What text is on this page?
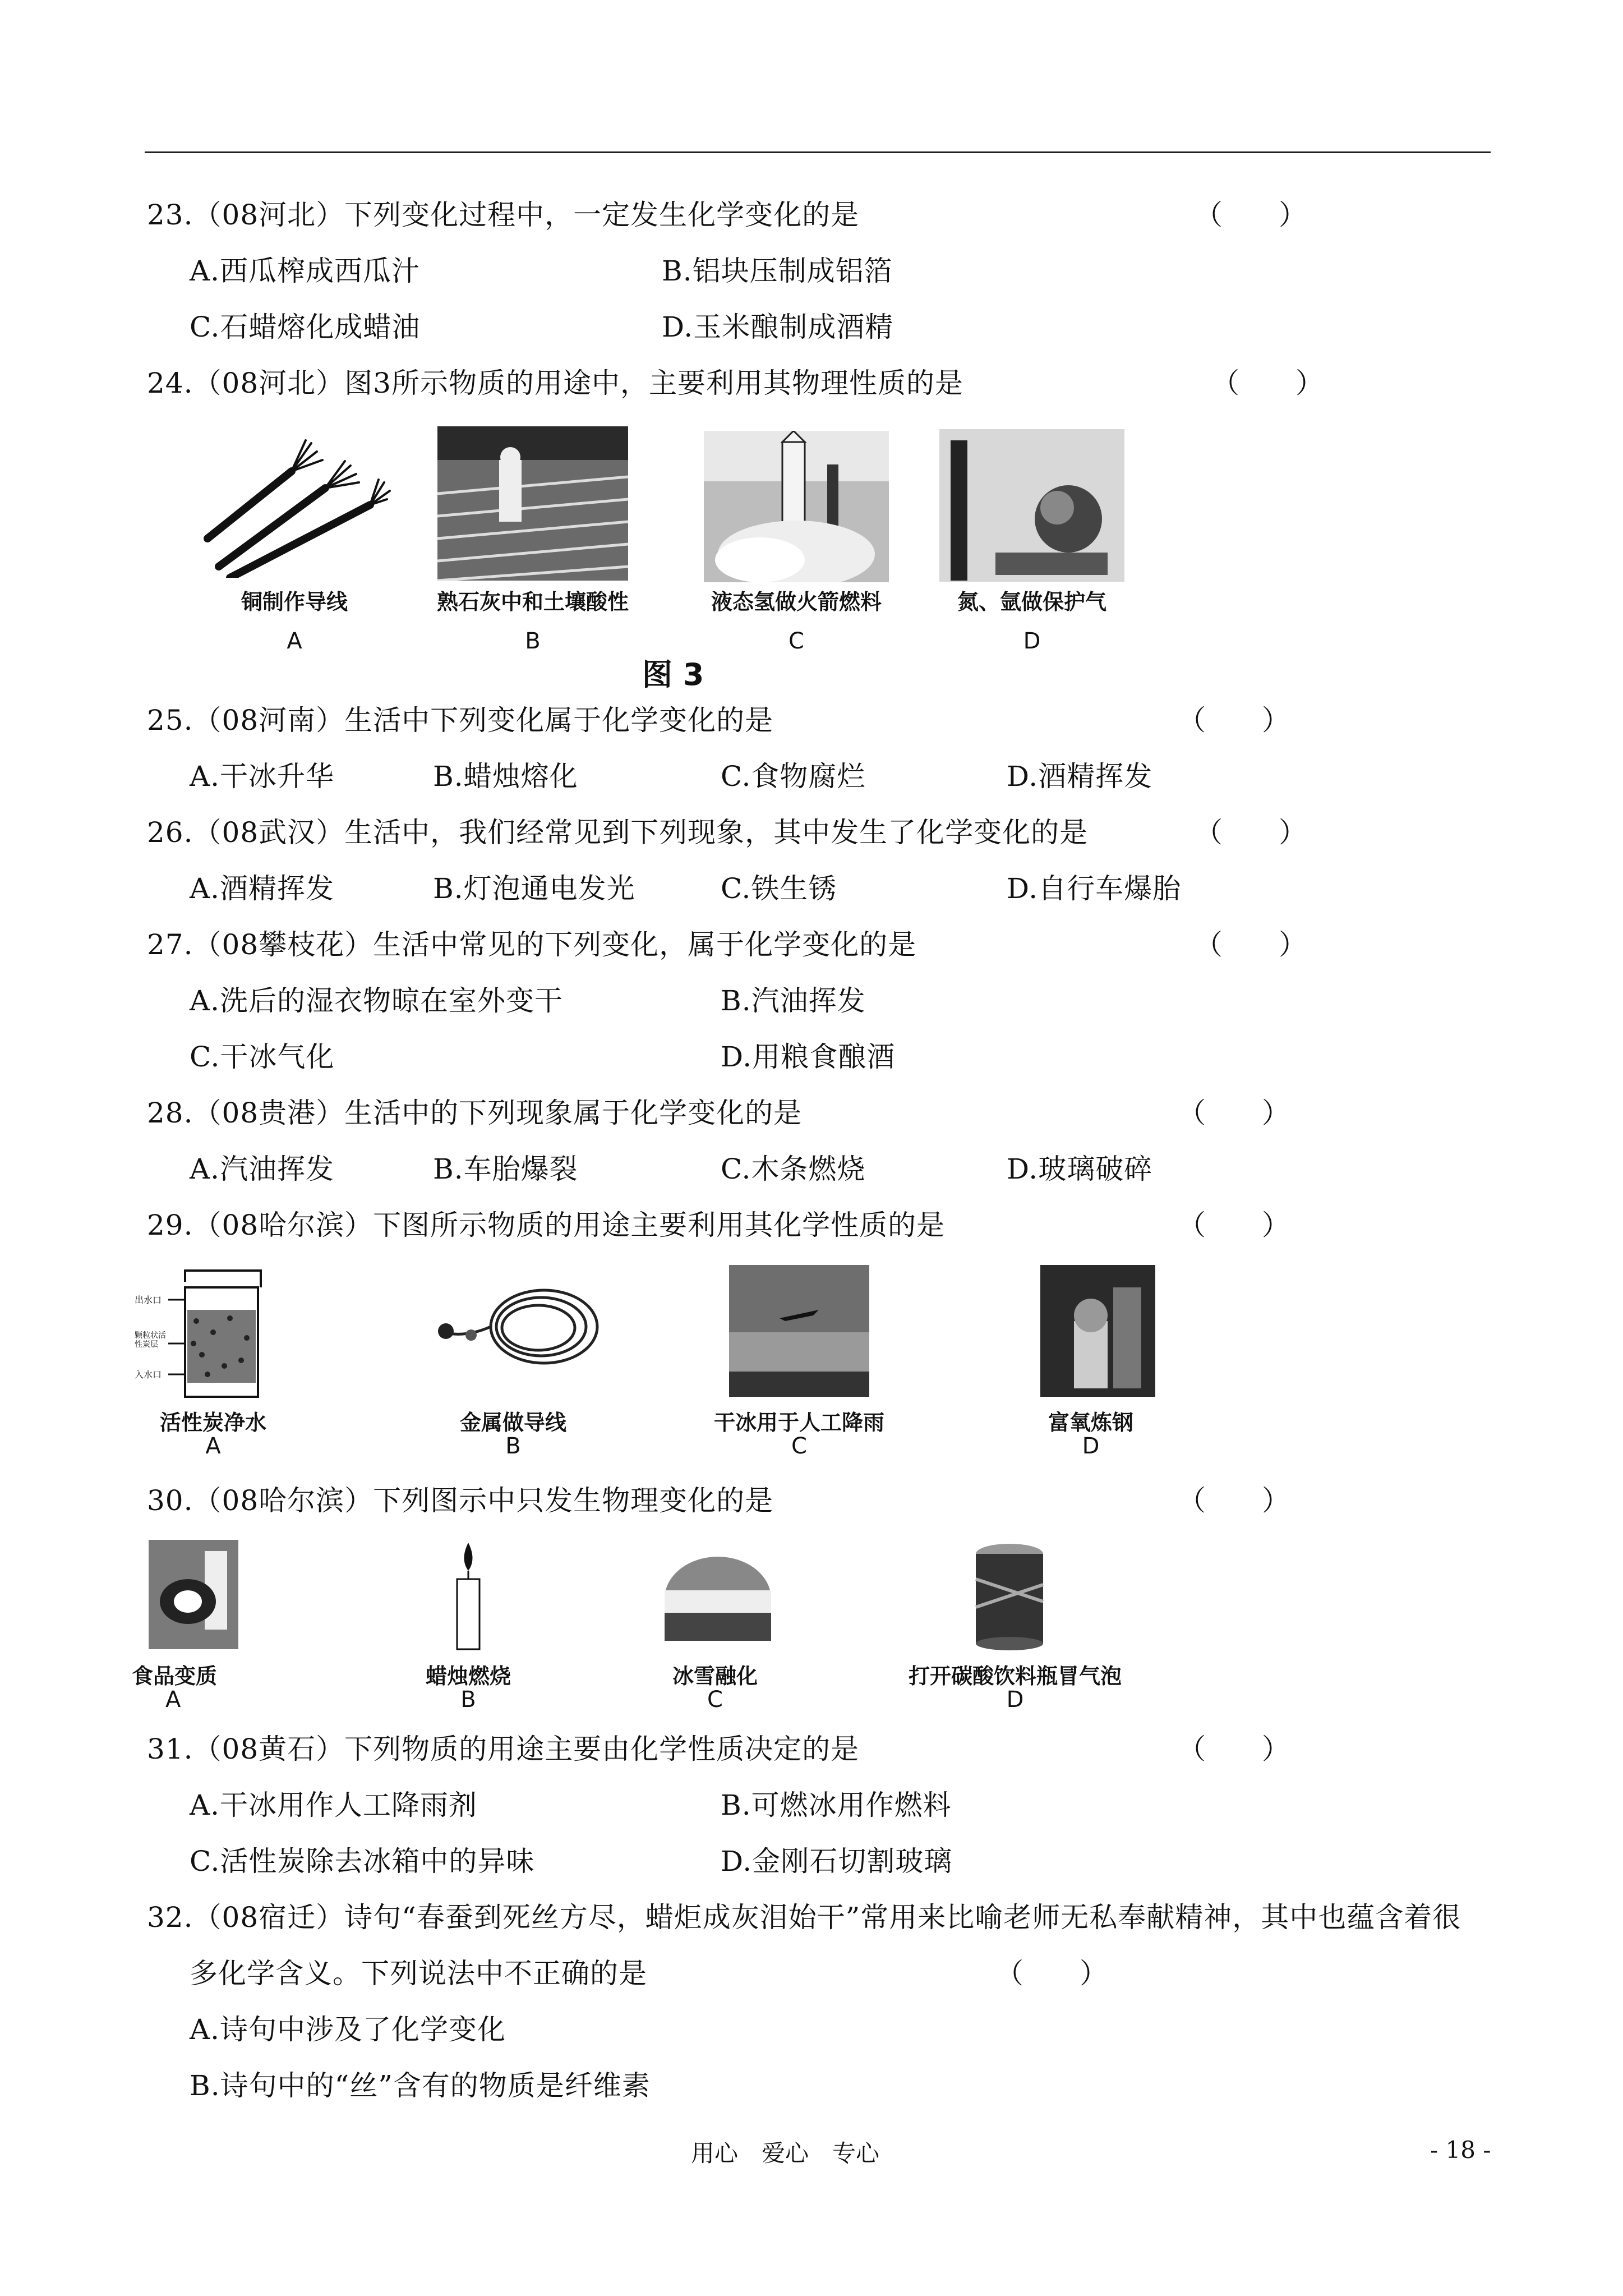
23.（08河北）下列变化过程中，一定发生化学变化的是	（　　）
A.西瓜榨成西瓜汁	B.铝块压制成铝箔
C.石蜡熔化成蜡油	D.玉米酿制成酒精
24.（08河北）图3所示物质的用途中，主要利用其物理性质的是	（　　）
铜制作导线
A
熟石灰中和土壤酸性
B
液态氢做火箭燃料
C
氮、氩做保护气
D
图 3
25.（08河南）生活中下列变化属于化学变化的是	（　　）
A.干冰升华	B.蜡烛熔化	C.食物腐烂	D.酒精挥发
26.（08武汉）生活中，我们经常见到下列现象，其中发生了化学变化的是	（　　）
A.酒精挥发	B.灯泡通电发光	C.铁生锈	D.自行车爆胎
27.（08攀枝花）生活中常见的下列变化，属于化学变化的是	（　　）
A.洗后的湿衣物晾在室外变干	B.汽油挥发
C.干冰气化	D.用粮食酿酒
28.（08贵港）生活中的下列现象属于化学变化的是	（　　）
A.汽油挥发	B.车胎爆裂	C.木条燃烧	D.玻璃破碎
29.（08哈尔滨）下图所示物质的用途主要利用其化学性质的是	（　　）
出水口
颗粒状活性炭层
入水口
活性炭净水
A
金属做导线
B
干冰用于人工降雨
C
富氧炼钢
D
30.（08哈尔滨）下列图示中只发生物理变化的是	（　　）
食品变质
A
蜡烛燃烧
B
冰雪融化
C
打开碳酸饮料瓶冒气泡
D
31.（08黄石）下列物质的用途主要由化学性质决定的是	（　　）
A.干冰用作人工降雨剂	B.可燃冰用作燃料
C.活性炭除去冰箱中的异味	D.金刚石切割玻璃
32.（08宿迁）诗句“春蚕到死丝方尽，蜡炬成灰泪始干”常用来比喻老师无私奉献精神，其中也蕴含着很
多化学含义。下列说法中不正确的是	（　　）
A.诗句中涉及了化学变化
B.诗句中的“丝”含有的物质是纤维素
用心　爱心　专心	- 18 -
